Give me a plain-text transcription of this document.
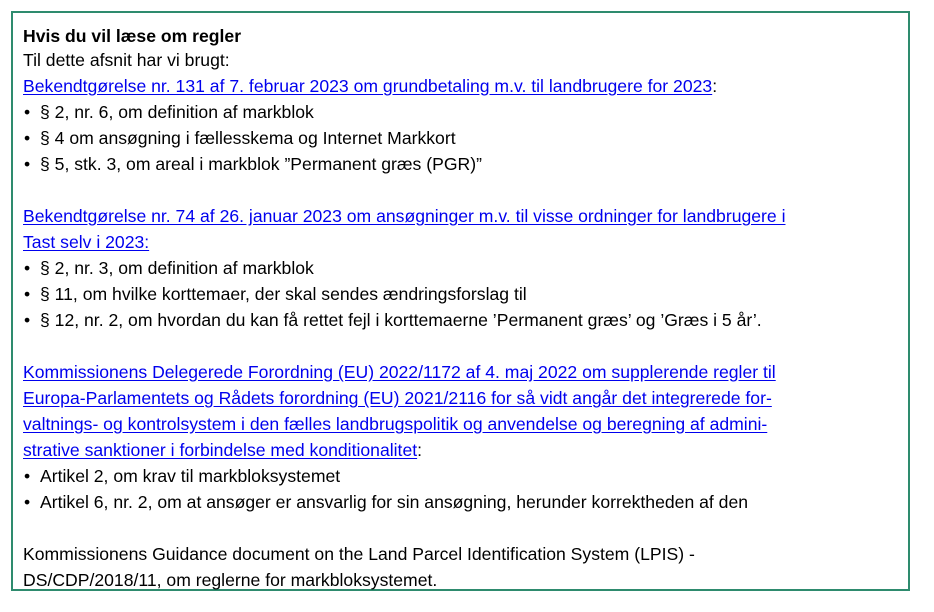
Hvis du vil læse om regler
Til dette afsnit har vi brugt:
Bekendtgørelse nr. 131 af 7. februar 2023 om grundbetaling m.v. til landbrugere for 2023:
• § 2, nr. 6, om definition af markblok
• § 4 om ansøgning i fællesskema og Internet Markkort
• § 5, stk. 3, om areal i markblok ”Permanent græs (PGR)”
Bekendtgørelse nr. 74 af 26. januar 2023 om ansøgninger m.v. til visse ordninger for landbrugere i
Tast selv i 2023:
• § 2, nr. 3, om definition af markblok
• § 11, om hvilke korttemaer, der skal sendes ændringsforslag til
• § 12, nr. 2, om hvordan du kan få rettet fejl i korttemaerne ’Permanent græs’ og ’Græs i 5 år’.
Kommissionens Delegerede Forordning (EU) 2022/1172 af 4. maj 2022 om supplerende regler til
Europa-Parlamentets og Rådets forordning (EU) 2021/2116 for så vidt angår det integrerede for-
valtnings- og kontrolsystem i den fælles landbrugspolitik og anvendelse og beregning af admini-
strative sanktioner i forbindelse med konditionalitet:
• Artikel 2, om krav til markbloksystemet
• Artikel 6, nr. 2, om at ansøger er ansvarlig for sin ansøgning, herunder korrektheden af den
Kommissionens Guidance document on the Land Parcel Identification System (LPIS) -
DS/CDP/2018/11, om reglerne for markbloksystemet.
